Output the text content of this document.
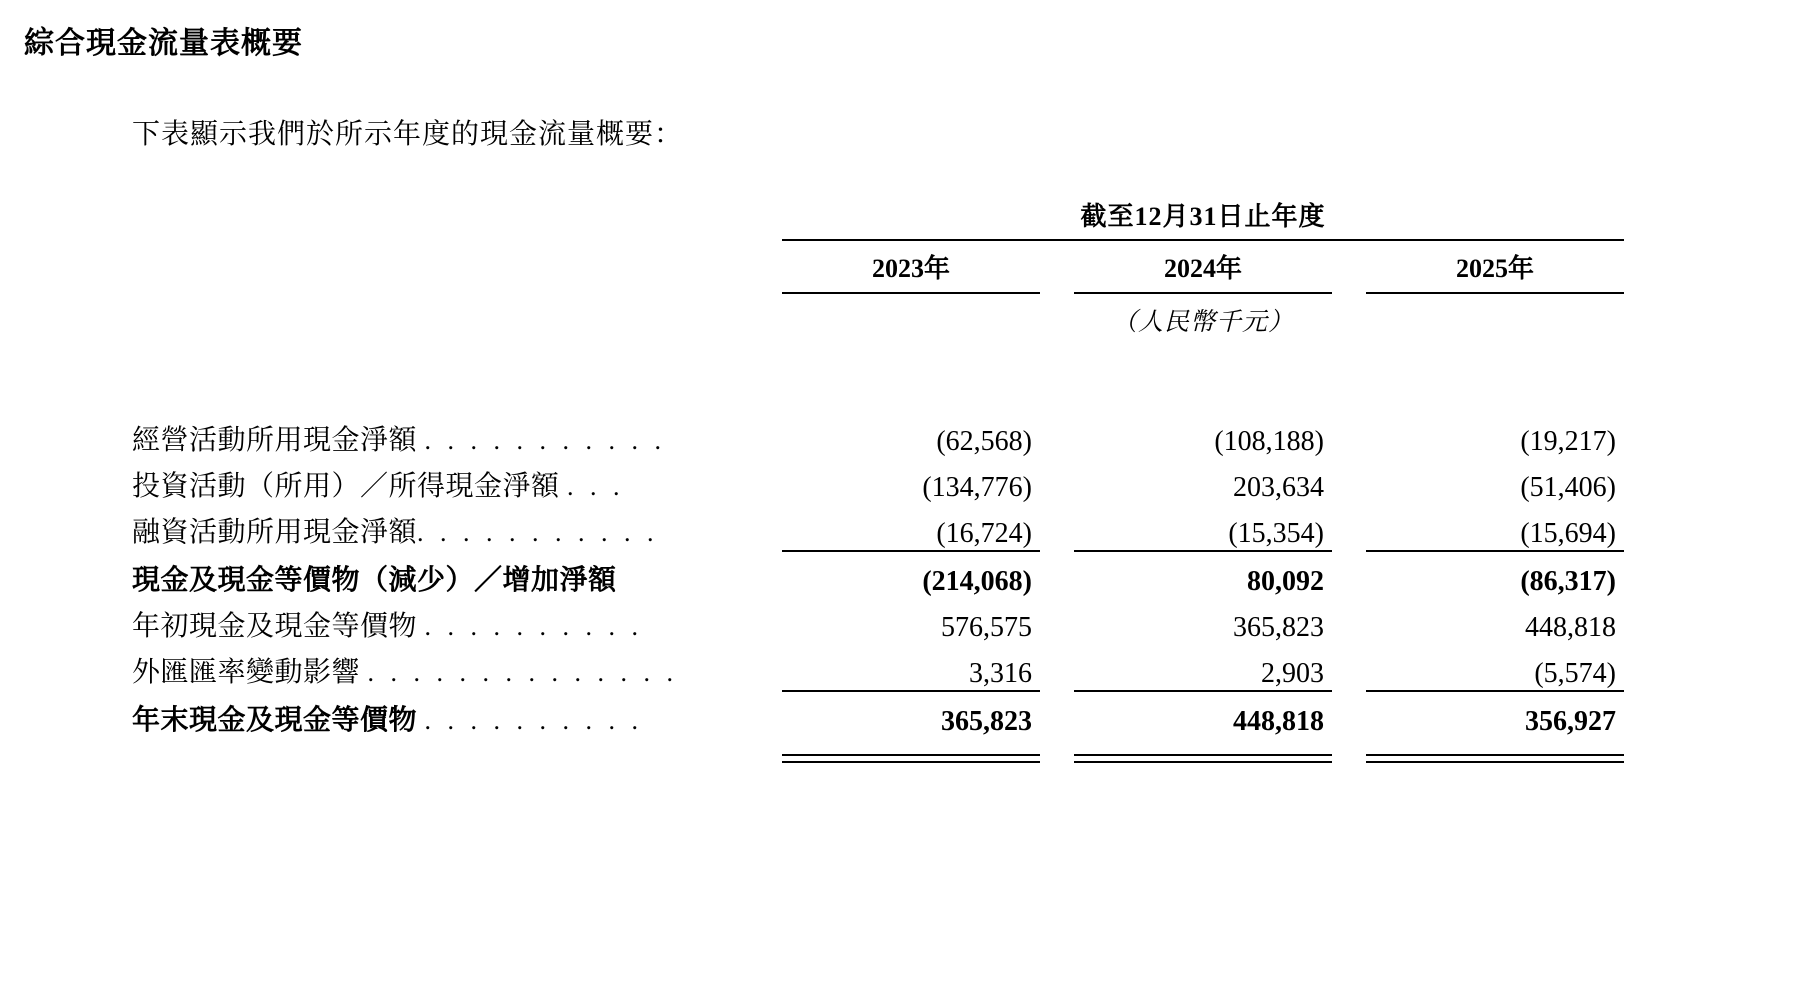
綜合現金流量表概要
下表顯示我們於所示年度的現金流量概要：
	截至12月31日止年度				

	2023年		2024年		2025年

	（人民幣千元）				

經營活動所用現金淨額 . . . . . . . . . . .	(62,568)		(108,188)		(19,217)
投資活動（所用）／所得現金淨額 . . .	(134,776)		203,634		(51,406)
融資活動所用現金淨額. . . . . . . . . . .	(16,724)		(15,354)		(15,694)

現金及現金等價物（減少）／增加淨額	(214,068)		80,092		(86,317)
年初現金及現金等價物 . . . . . . . . . .	576,575		365,823		448,818
外匯匯率變動影響 . . . . . . . . . . . . . .	3,316		2,903		(5,574)

年末現金及現金等價物 . . . . . . . . . .	365,823		448,818		356,927
